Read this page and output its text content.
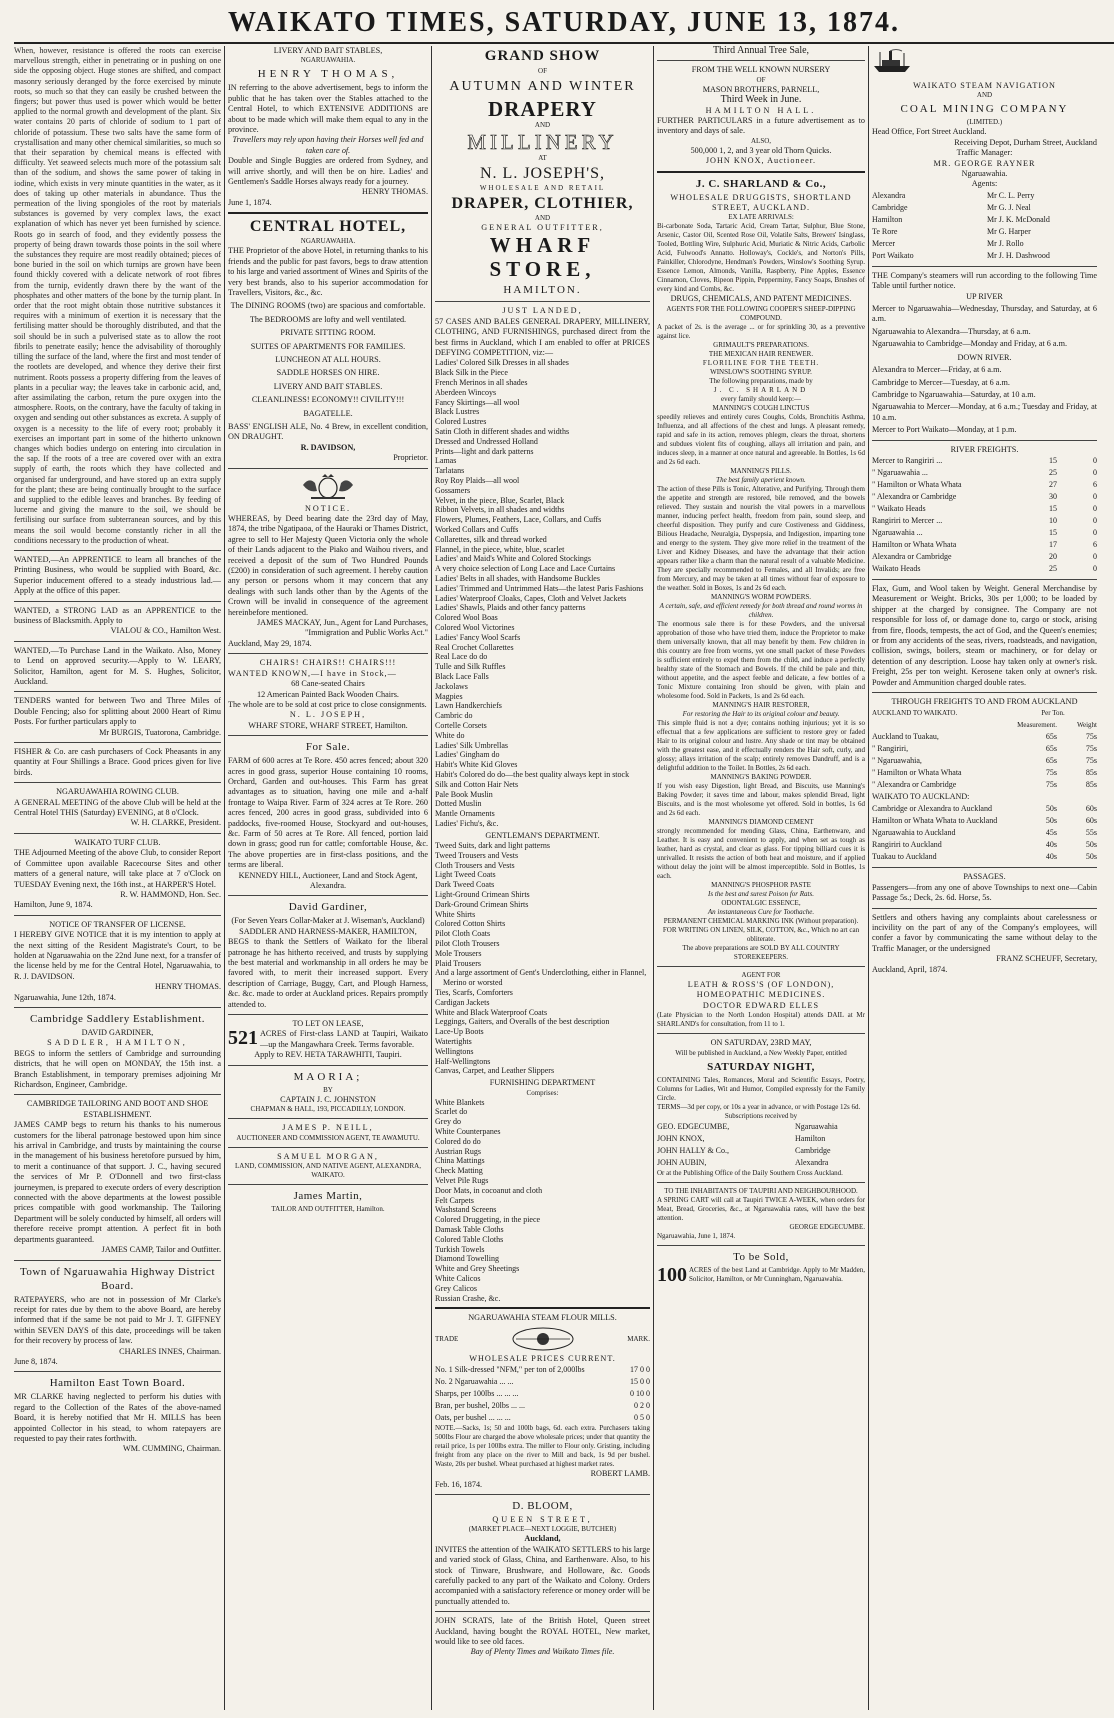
WAIKATO TIMES, SATURDAY, JUNE 13, 1874.

When, however, resistance is offered the roots can exercise marvellous strength, either in penetrating or in pushing on one side the opposing object. Huge stones are shifted, and compact masonry seriously deranged by the force exercised by minute roots, so much so that they can easily be crushed between the fingers; but power thus used is power which would be better applied to the normal growth and development of the plant. Six water contains 20 parts of chloride of sodium to 1 part of chloride of potassium. These two salts have the same form of crystallisation and many other chemical similarities, so much so that their separation by chemical means is effected with difficulty. Yet seaweed selects much more of the potassium salt than of the sodium, and shows the same power of taking in iodine, which exists in very minute quantities in the water, as it does of taking up other materials in abundance. Thus the permeation of the living spongioles of the root by materials substances is governed by very complex laws, the exact explanation of which has never yet been furnished by science. Roots go in search of food, and they evidently possess the property of being drawn towards those points in the soil where the substances they require are most readily obtained; pieces of bone buried in the soil on which turnips are grown have been found thickly covered with a delicate network of root fibres from the turnip, evidently drawn there by the want of the phosphates and other matters of the bone by the turnip plant. In order that the root might obtain those nutritive substances it requires with a minimum of exertion it is necessary that the fertilising matter should be thoroughly distributed, and that the soil should be in such a pulverised state as to allow the root fibrils to penetrate easily; hence the advisability of thoroughly tilling the surface of the land, where the first and most tender of the rootlets are developed, and whence they derive their first nutriment. Roots possess a property differing from the leaves of plants in a peculiar way; the leaves take in carbonic acid, and, after assimilating the carbon, return the pure oxygen into the atmosphere. Roots, on the contrary, have the faculty of taking in oxygen and sending out other substances as excreta. A supply of oxygen is a necessity to the life of every root; probably it exercises an important part in some of the hitherto unknown changes which bodies undergo on entering into circulation in the sap. If the roots of a tree are covered over with an extra supply of earth, the roots which they have collected and organised far underground, and have stored up an extra supply for the plant; these are being continually brought to the surface and supplied to the edible leaves and branches. By feeding of lucerne and giving the manure to the soil, we should be fertilising our surface from subterranean sources, and by this means the soil would become constantly richer in all the conditions necessary to the production of wheat.

WANTED,—An APPRENTICE to learn all branches of the Printing Business, who would be supplied with Board, &c. Superior inducement offered to a steady industrious lad.—Apply at the office of this paper.

WANTED, a STRONG LAD as an APPRENTICE to the business of Blacksmith. Apply to

VIALOU & CO., Hamilton West.

WANTED,—To Purchase Land in the Waikato. Also, Money to Lend on approved security.—Apply to W. LEARY, Solicitor, Hamilton, agent for M. S. Hughes, Solicitor, Auckland.

TENDERS wanted for between Two and Three Miles of Double Fencing; also for splitting about 2000 Heart of Rimu Posts. For further particulars apply to

Mr BURGIS, Tuatorona, Cambridge.

FISHER & Co. are cash purchasers of Cock Pheasants in any quantity at Four Shillings a Brace. Good prices given for live birds.

NGARUAWAHIA ROWING CLUB.

A GENERAL MEETING of the above Club will be held at the Central Hotel THIS (Saturday) EVENING, at 8 o'Clock.

W. H. CLARKE, President.

WAIKATO TURF CLUB.

THE Adjourned Meeting of the above Club, to consider Report of Committee upon available Racecourse Sites and other matters of a general nature, will take place at 7 o'Clock on TUESDAY Evening next, the 16th inst., at HARPER'S Hotel.

R. W. HAMMOND, Hon. Sec.

Hamilton, June 9, 1874.

NOTICE OF TRANSFER OF LICENSE.

I HEREBY GIVE NOTICE that it is my intention to apply at the next sitting of the Resident Magistrate's Court, to be holden at Ngaruawahia on the 22nd June next, for a transfer of the license held by me for the Central Hotel, Ngaruawahia, to R. J. DAVIDSON.

HENRY THOMAS.

Ngaruawahia, June 12th, 1874.

Cambridge Saddlery Establishment.
DAVID GARDINER,
SADDLER, HAMILTON,

BEGS to inform the settlers of Cambridge and surrounding districts, that he will open on MONDAY, the 15th inst. a Branch Establishment, in temporary premises adjoining Mr Richardson, Engineer, Cambridge.

CAMBRIDGE TAILORING AND BOOT AND SHOE ESTABLISHMENT.

JAMES CAMP begs to return his thanks to his numerous customers for the liberal patronage bestowed upon him since his arrival in Cambridge, and trusts by maintaining the course in the management of his business heretofore pursued by him, to merit a continuance of that support. J. C., having secured the services of Mr P. O'Donnell and two first-class journeymen, is prepared to execute orders of every description connected with the above departments at the lowest possible prices compatible with good workmanship. The Tailoring Department will be solely conducted by himself, all orders will therefore receive prompt attention. A perfect fit in both departments guaranteed.

JAMES CAMP, Tailor and Outfitter.

Town of Ngaruawahia Highway District Board.

RATEPAYERS, who are not in possession of Mr Clarke's receipt for rates due by them to the above Board, are hereby informed that if the same be not paid to Mr J. T. GIFFNEY within SEVEN DAYS of this date, proceedings will be taken for their recovery by process of law.

CHARLES INNES, Chairman.

June 8, 1874.

Hamilton East Town Board.

MR CLARKE having neglected to perform his duties with regard to the Collection of the Rates of the above-named Board, it is hereby notified that Mr H. MILLS has been appointed Collector in his stead, to whom ratepayers are requested to pay their rates forthwith.

WM. CUMMING, Chairman.

LIVERY AND BAIT STABLES,
NGARUAWAHIA.
HENRY THOMAS,

IN referring to the above advertisement, begs to inform the public that he has taken over the Stables attached to the Central Hotel, to which EXTENSIVE ADDITIONS are about to be made which will make them equal to any in the province.

Travellers may rely upon having their Horses well fed and taken care of.

Double and Single Buggies are ordered from Sydney, and will arrive shortly, and will then be on hire. Ladies' and Gentlemen's Saddle Horses always ready for a journey.

HENRY THOMAS.

June 1, 1874.

CENTRAL HOTEL,
NGARUAWAHIA.

THE Proprietor of the above Hotel, in returning thanks to his friends and the public for past favors, begs to draw attention to his large and varied assortment of Wines and Spirits of the very best brands, also to his superior accommodation for Travellers, Visitors, &c., &c.

The DINING ROOMS (two) are spacious and comfortable.
The BEDROOMS are lofty and well ventilated.
PRIVATE SITTING ROOM.
SUITES OF APARTMENTS FOR FAMILIES.
LUNCHEON AT ALL HOURS.
SADDLE HORSES ON HIRE.
LIVERY AND BAIT STABLES.
CLEANLINESS! ECONOMY!! CIVILITY!!!
BAGATELLE.

BASS' ENGLISH ALE, No. 4 Brew, in excellent condition, ON DRAUGHT.

R. DAVIDSON,
Proprietor.
NOTICE.

WHEREAS, by Deed bearing date the 23rd day of May, 1874, the tribe Ngatipaoa, of the Hauraki or Thames District, agree to sell to Her Majesty Queen Victoria only the whole of their Lands adjacent to the Piako and Waihou rivers, and received a deposit of the sum of Two Hundred Pounds (£200) in consideration of such agreement. I hereby caution any person or persons whom it may concern that any dealings with such lands other than by the Agents of the Crown will be invalid in consequence of the agreement hereinbefore mentioned.

JAMES MACKAY, Jun., Agent for Land Purchases, "Immigration and Public Works Act."

Auckland, May 29, 1874.

CHAIRS! CHAIRS!! CHAIRS!!!

WANTED KNOWN,—I have in Stock,—

68 Cane-seated Chairs
12 American Painted Back Wooden Chairs.

The whole are to be sold at cost price to close consignments.

N. L. JOSEPH,
WHARF STORE, WHARF STREET, Hamilton.
For Sale.

FARM of 600 acres at Te Rore. 450 acres fenced; about 320 acres in good grass, superior House containing 10 rooms, Orchard, Garden and out-houses. This Farm has great advantages as to situation, having one mile and a-half frontage to Waipa River. Farm of 324 acres at Te Rore. 260 acres fenced, 200 acres in good grass, subdivided into 6 paddocks, five-roomed House, Stockyard and out-houses, &c. Farm of 50 acres at Te Rore. All fenced, portion laid down in grass; good run for cattle; comfortable House, &c. The above properties are in first-class positions, and the terms are liberal.

KENNEDY HILL, Auctioneer, Land and Stock Agent, Alexandra.

David Gardiner,

(For Seven Years Collar-Maker at J. Wiseman's, Auckland) SADDLER AND HARNESS-MAKER, HAMILTON,

BEGS to thank the Settlers of Waikato for the liberal patronage he has hitherto received, and trusts by supplying the best material and workmanship in all orders he may be favored with, to merit their increased support. Every description of Carriage, Buggy, Cart, and Plough Harness, &c. &c. made to order at Auckland prices. Repairs promptly attended to.

TO LET ON LEASE,

521 ACRES of First-class LAND at Taupiri, Waikato—up the Mangawhara Creek. Terms favorable.

Apply to REV. HETA TARAWHITI, Taupiri.

MAORIA;
BY
CAPTAIN J. C. JOHNSTON
CHAPMAN & HALL, 193, PICCADILLY, LONDON.
JAMES P. NEILL,
AUCTIONEER AND COMMISSION AGENT, TE AWAMUTU.
SAMUEL MORGAN,
LAND, COMMISSION, AND NATIVE AGENT, ALEXANDRA, WAIKATO.
James Martin,
TAILOR AND OUTFITTER, Hamilton.
GRAND SHOW
OF
AUTUMN AND WINTER
DRAPERY
AND
MILLINERY
AT
N. L. JOSEPH'S,
WHOLESALE AND RETAIL
DRAPER, CLOTHIER,
AND
GENERAL OUTFITTER,
WHARF STORE,
HAMILTON.
JUST LANDED,

57 CASES AND BALES GENERAL DRAPERY, MILLINERY, CLOTHING, AND FURNISHINGS, purchased direct from the best firms in Auckland, which I am enabled to offer at PRICES DEFYING COMPETITION, viz:—

Ladies' Colored Silk Dresses in all shades
Black Silk in the Piece
French Merinos in all shades
Aberdeen Wincoys
Fancy Skirtings—all wool
Black Lustres
Colored Lustres
Satin Cloth in different shades and widths
Dressed and Undressed Holland
Prints—light and dark patterns
Lamas
Tarlatans
Roy Roy Plaids—all wool
Gossamers
Velvet, in the piece, Blue, Scarlet, Black
Ribbon Velvets, in all shades and widths
Flowers, Plumes, Feathers, Lace, Collars, and Cuffs
Worked Collars and Cuffs
Collarettes, silk and thread worked
Flannel, in the piece, white, blue, scarlet
Ladies' and Maid's White and Colored Stockings
A very choice selection of Long Lace and Lace Curtains
Ladies' Belts in all shades, with Handsome Buckles
Ladies' Trimmed and Untrimmed Hats—the latest Paris Fashions
Ladies' Waterproof Cloaks, Capes, Cloth and Velvet Jackets
Ladies' Shawls, Plaids and other fancy patterns
Colored Wool Boas
Colored Wool Victorines
Ladies' Fancy Wool Scarfs
Real Crochet Collarettes
Real Lace do do
Tulle and Silk Ruffles
Black Lace Falls
Jackolaws
Magpies
Lawn Handkerchiefs
Cambric do
Cortelle Corsets
White do
Ladies' Silk Umbrellas
Ladies' Gingham do
Habit's White Kid Gloves
Habit's Colored do do—the best quality always kept in stock
Silk and Cotton Hair Nets
Pale Book Muslin
Dotted Muslin
Mantle Ornaments
Ladies' Fichu's, &c.
GENTLEMAN'S DEPARTMENT.
Tweed Suits, dark and light patterns
Tweed Trousers and Vests
Cloth Trousers and Vests
Light Tweed Coats
Dark Tweed Coats
Light-Ground Crimean Shirts
Dark-Ground Crimean Shirts
White Shirts
Colored Cotton Shirts
Pilot Cloth Coats
Pilot Cloth Trousers
Mole Trousers
Plaid Trousers
And a large assortment of Gent's Underclothing, either in Flannel, Merino or worsted
Ties, Scarfs, Comforters
Cardigan Jackets
White and Black Waterproof Coats
Leggings, Gaiters, and Overalls of the best description
Lace-Up Boots
Watertights
Wellingtons
Half-Wellingtons
Canvas, Carpet, and Leather Slippers
FURNISHING DEPARTMENT
Comprises:
White Blankets
Scarlet do
Grey do
White Counterpanes
Colored do do
Austrian Rugs
China Mattings
Check Matting
Velvet Pile Rugs
Door Mats, in cocoanut and cloth
Felt Carpets
Washstand Screens
Colored Druggeting, in the piece
Damask Table Cloths
Colored Table Cloths
Turkish Towels
Diamond Towelling
White and Grey Sheetings
White Calicos
Grey Calicos
Russian Crashe, &c.
NGARUAWAHIA STEAM FLOUR MILLS.
TRADE	MARK.
WHOLESALE PRICES CURRENT.
No. 1 Silk-dressed "NFM," per ton of 2,000lbs	17 0 0
No. 2 Ngaruawahia ... ...	15 0 0
Sharps, per 100lbs ... ... ...	0 10 0
Bran, per bushel, 20lbs ... ...	0 2 0
Oats, per bushel ... ... ...	0 5 0

NOTE.—Sacks, 1s; 50 and 100lb bags, 6d. each extra. Purchasers taking 500lbs Flour are charged the above wholesale prices; under that quantity the retail price, 1s per 100lbs extra. The miller to Flour only. Gristing, including freight from any place on the river to Mill and back, 1s 9d per bushel. Waste, 20s per bushel. Wheat purchased at highest market rates.

ROBERT LAMB.

Feb. 16, 1874.

D. BLOOM,
QUEEN STREET,
(MARKET PLACE—NEXT LOGGIE, BUTCHER)
Auckland,

INVITES the attention of the WAIKATO SETTLERS to his large and varied stock of Glass, China, and Earthenware. Also, to his stock of Tinware, Brushware, and Holloware, &c. Goods carefully packed to any part of the Waikato and Colony. Orders accompanied with a satisfactory reference or money order will be punctually attended to.

JOHN SCRATS, late of the British Hotel, Queen street Auckland, having bought the ROYAL HOTEL, New market, would like to see old faces.

Bay of Plenty Times and Waikato Times file.

Third Annual Tree Sale,
FROM THE WELL KNOWN NURSERY
OF
MASON BROTHERS, PARNELL,
Third Week in June.
HAMILTON HALL.

FURTHER PARTICULARS in a future advertisement as to inventory and days of sale.

ALSO,
500,000 1, 2, and 3 year old Thorn Quicks.
JOHN KNOX, Auctioneer.
J. C. SHARLAND & Co.,
WHOLESALE DRUGGISTS, SHORTLAND STREET, AUCKLAND.
EX LATE ARRIVALS:

Bi-carbonate Soda, Tartaric Acid, Cream Tartar, Sulphur, Blue Stone, Arsenic, Castor Oil, Scented Rose Oil, Volatile Salts, Brewers' Isinglass, Tooled, Bottling Wire, Sulphuric Acid, Muriatic & Nitric Acids, Carbolic Acid, Fulwood's Annatto. Holloway's, Cockle's, and Norton's Pills, Painkiller, Chlorodyne, Hendman's Powders, Winslow's Soothing Syrup. Essence Lemon, Almonds, Vanilla, Raspberry, Pine Apples, Essence Cinnamon, Cloves, Ripeon Pippin, Pepperminy, Fancy Soaps, Brushes of every kind and Combs, &c.

DRUGS, CHEMICALS, AND PATENT MEDICINES.
AGENTS FOR THE FOLLOWING COOPER'S SHEEP-DIPPING COMPOUND.

A packet of 2s. is the average ... or for sprinkling 30, as a preventive against lice.

GRIMAULT'S PREPARATIONS.
THE MEXICAN HAIR RENEWER.
FLORILINE FOR THE TEETH.
WINSLOW'S SOOTHING SYRUP.
The following preparations, made by
J. C. SHARLAND
every family should keep:—
MANNING'S COUGH LINCTUS

speedily relieves and entirely cures Coughs, Colds, Bronchitis Asthma, Influenza, and all affections of the chest and lungs. A pleasant remedy, rapid and safe in its action, removes phlegm, clears the throat, shortens and subdues violent fits of coughing, allays all irritation and pain, and induces sleep, in a manner at once natural and agreeable. In Bottles, 1s 6d and 2s 6d each.

MANNING'S PILLS.
The best family aperient known.

The action of these Pills is Tonic, Alterative, and Purifying. Through them the appetite and strength are restored, bile removed, and the bowels relieved. They sustain and nourish the vital powers in a marvellous manner, inducing perfect health, freedom from pain, sound sleep, and cheerful disposition. They purify and cure Costiveness and Giddiness, Bilious Headache, Neuralgia, Dyspepsia, and Indigestion, imparting tone and energy to the system. They give more relief in the treatment of the Liver and Kidney Diseases, and have the advantage that their action appears rather like a charm than the natural result of a valuable Medicine. They are specially recommended to Females, and all Invalids; are free from Mercury, and may be taken at all times without fear of exposure to the weather. Sold in Boxes, 1s and 2s 6d each.

MANNING'S WORM POWDERS.
A certain, safe, and efficient remedy for both thread and round worms in children.

The enormous sale there is for these Powders, and the universal approbation of those who have tried them, induce the Proprietor to make them universally known, that all may benefit by them. Few children in this country are free from worms, yet one small packet of these Powders is sufficient entirely to expel them from the child, and induce a perfectly healthy state of the Stomach and Bowels. If the child be pale and thin, without appetite, and the aspect feeble and delicate, a few bottles of a Tonic Mixture containing Iron should be given, with plain and wholesome food. Sold in Packets, 1s and 2s 6d each.

MANNING'S HAIR RESTORER,
For restoring the Hair to its original colour and beauty.

This simple fluid is not a dye; contains nothing injurious; yet it is so effectual that a few applications are sufficient to restore grey or faded Hair to its original colour and lustre. Any shade or tint may be obtained with the greatest ease, and it effectually renders the Hair soft, curly, and glossy; allays irritation of the scalp; entirely removes Dandruff, and is a delightful addition to the Toilet. In Bottles, 2s 6d each.

MANNING'S BAKING POWDER.

If you wish easy Digestion, light Bread, and Biscuits, use Manning's Baking Powder; it saves time and labour, makes splendid Bread, light Biscuits, and is the most wholesome yet offered. Sold in bottles, 1s 6d and 2s 6d each.

MANNING'S DIAMOND CEMENT

strongly recommended for mending Glass, China, Earthenware, and Leather. It is easy and convenient to apply, and when set as tough as leather, hard as crystal, and clear as glass. For tipping billiard cues it is unrivalled. It resists the action of both heat and moisture, and if applied without delay the joint will be almost imperceptible. Sold in Bottles, 1s each.

MANNING'S PHOSPHOR PASTE
Is the best and surest Poison for Rats.
ODONTALGIC ESSENCE,
An instantaneous Cure for Toothache.
PERMANENT CHEMICAL MARKING INK (Without preparation).
FOR WRITING ON LINEN, SILK, COTTON, &c., Which no art can obliterate.
The above preparations are SOLD BY ALL COUNTRY STOREKEEPERS.
AGENT FOR
LEATH & ROSS'S (OF LONDON), HOMEOPATHIC MEDICINES.
DOCTOR EDWARD ELLES

(Late Physician to the North London Hospital) attends DAIL at Mr SHARLAND's for consultation, from 11 to 1.

ON SATURDAY, 23RD MAY,
Will be published in Auckland, a New Weekly Paper, entitled
SATURDAY NIGHT,

CONTAINING Tales, Romances, Moral and Scientific Essays, Poetry, Columns for Ladies, Wit and Humor, Compiled expressly for the Family Circle.

TERMS—3d per copy, or 10s a year in advance, or with Postage 12s 6d.

Subscriptions received by
GEO. EDGECUMBE,	Ngaruawahia
JOHN KNOX,	Hamilton
JOHN HALLY & Co.,	Cambridge
JOHN AUBIN,	Alexandra

Or at the Publishing Office of the Daily Southern Cross Auckland.

TO THE INHABITANTS OF TAUPIRI AND NEIGHBOURHOOD.

A SPRING CART will call at Taupiri TWICE A-WEEK, when orders for Meat, Bread, Groceries, &c., at Ngaruawahia rates, will have the best attention.

GEORGE EDGECUMBE.

Ngaruawahia, June 1, 1874.

To be Sold,

100 ACRES of the best Land at Cambridge. Apply to Mr Madden, Solicitor, Hamilton, or Mr Cunningham, Ngaruawahia.

WAIKATO STEAM NAVIGATION
AND
COAL MINING COMPANY
(LIMITED.)

Head Office, Fort Street Auckland.

Receiving Depot, Durham Street, Auckland

Traffic Manager:

MR. GEORGE RAYNER

Ngaruawahia.

Agents:

Alexandra	Mr C. L. Perry
Cambridge	Mr G. J. Neal
Hamilton	Mr J. K. McDonald
Te Rore	Mr G. Harper
Mercer	Mr J. Rollo
Port Waikato	Mr J. H. Dashwood

THE Company's steamers will run according to the following Time Table until further notice.

UP RIVER

Mercer to Ngaruawahia—Wednesday, Thursday, and Saturday, at 6 a.m.

Ngaruawahia to Alexandra—Thursday, at 6 a.m.

Ngaruawahia to Cambridge—Monday and Friday, at 6 a.m.

DOWN RIVER.

Alexandra to Mercer—Friday, at 6 a.m.

Cambridge to Mercer—Tuesday, at 6 a.m.

Cambridge to Ngaruawahia—Saturday, at 10 a.m.

Ngaruawahia to Mercer—Monday, at 6 a.m.; Tuesday and Friday, at 10 a.m.

Mercer to Port Waikato—Monday, at 1 p.m.

RIVER FREIGHTS.
Mercer to Rangiriri ...	15	0
" Ngaruawahia ...	25	0
" Hamilton or Whata Whata	27	6
" Alexandra or Cambridge	30	0
" Waikato Heads	15	0
Rangiriri to Mercer ...	10	0
Ngaruawahia ...	15	0
Hamilton or Whata Whata	17	6
Alexandra or Cambridge	20	0
Waikato Heads	25	0

Flax, Gum, and Wool taken by Weight. General Merchandise by Measurement or Weight. Bricks, 30s per 1,000; to be loaded by shipper at the charged by consignee. The Company are not responsible for loss of, or damage done to, cargo or stock, arising from fire, floods, tempests, the act of God, and the Queen's enemies; or from any accidents of the seas, rivers, roadsteads, and navigation, collision, swings, boilers, steam or machinery, or for delay or detention of any description. Loose hay taken only at owner's risk. Freight, 25s per ton weight. Kerosene taken only at owner's risk. Powder and Ammunition charged double rates.

THROUGH FREIGHTS TO AND FROM AUCKLAND
AUCKLAND TO WAIKATO.	Per Ton.
Measurement.	Weight
Auckland to Tuakau,	65s	75s
" Rangiriri,	65s	75s
" Ngaruawahia,	65s	75s
" Hamilton or Whata Whata	75s	85s
" Alexandra or Cambridge	75s	85s
WAIKATO TO AUCKLAND:
Cambridge or Alexandra to Auckland	50s	60s
Hamilton or Whata Whata to Auckland	50s	60s
Ngaruawahia to Auckland	45s	55s
Rangiriri to Auckland	40s	50s
Tuakau to Auckland	40s	50s
PASSAGES.

Passengers—from any one of above Townships to next one—Cabin Passage 5s.; Deck, 2s. 6d. Horse, 5s.

Settlers and others having any complaints about carelessness or incivility on the part of any of the Company's employees, will confer a favor by communicating the same without delay to the Traffic Manager, or the undersigned

FRANZ SCHEUFF, Secretary,

Auckland, April, 1874.
